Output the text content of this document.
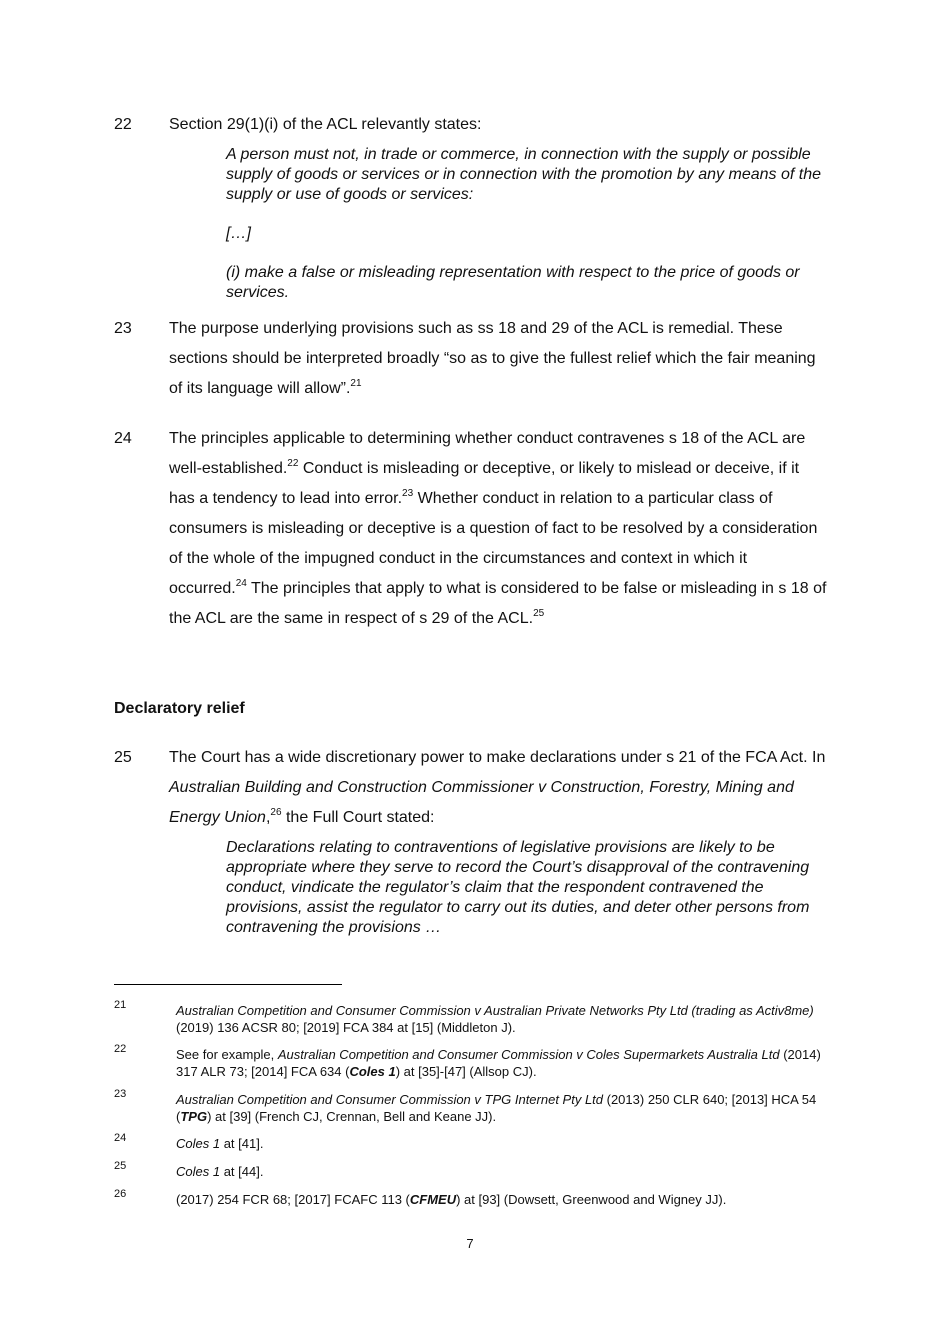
22 Section 29(1)(i) of the ACL relevantly states:
A person must not, in trade or commerce, in connection with the supply or possible supply of goods or services or in connection with the promotion by any means of the supply or use of goods or services:
[…]
(i) make a false or misleading representation with respect to the price of goods or services.
23 The purpose underlying provisions such as ss 18 and 29 of the ACL is remedial. These sections should be interpreted broadly “so as to give the fullest relief which the fair meaning of its language will allow”.$^{21}$
24 The principles applicable to determining whether conduct contravenes s 18 of the ACL are well-established.$^{22}$ Conduct is misleading or deceptive, or likely to mislead or deceive, if it has a tendency to lead into error.$^{23}$ Whether conduct in relation to a particular class of consumers is misleading or deceptive is a question of fact to be resolved by a consideration of the whole of the impugned conduct in the circumstances and context in which it occurred.$^{24}$ The principles that apply to what is considered to be false or misleading in s 18 of the ACL are the same in respect of s 29 of the ACL.$^{25}$
Declaratory relief
25 The Court has a wide discretionary power to make declarations under s 21 of the FCA Act. In Australian Building and Construction Commissioner v Construction, Forestry, Mining and Energy Union,$^{26}$ the Full Court stated:
Declarations relating to contraventions of legislative provisions are likely to be appropriate where they serve to record the Court’s disapproval of the contravening conduct, vindicate the regulator’s claim that the respondent contravened the provisions, assist the regulator to carry out its duties, and deter other persons from contravening the provisions …
21	Australian Competition and Consumer Commission v Australian Private Networks Pty Ltd (trading as Activ8me) (2019) 136 ACSR 80; [2019] FCA 384 at [15] (Middleton J).
22	See for example, Australian Competition and Consumer Commission v Coles Supermarkets Australia Ltd (2014) 317 ALR 73; [2014] FCA 634 (Coles 1) at [35]-[47] (Allsop CJ).
23	Australian Competition and Consumer Commission v TPG Internet Pty Ltd (2013) 250 CLR 640; [2013] HCA 54 (TPG) at [39] (French CJ, Crennan, Bell and Keane JJ).
24	Coles 1 at [41].
25	Coles 1 at [44].
26	(2017) 254 FCR 68; [2017] FCAFC 113 (CFMEU) at [93] (Dowsett, Greenwood and Wigney JJ).
7
